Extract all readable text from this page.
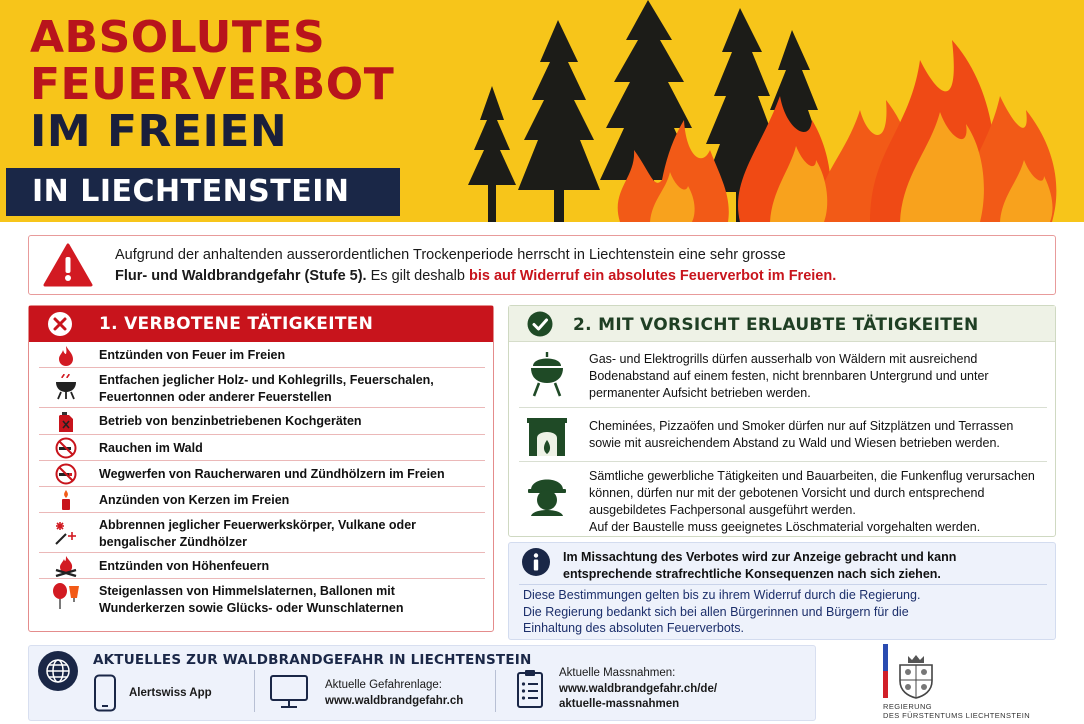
ABSOLUTES
FEUERVERBOT
IM FREIEN
IN LIECHTENSTEIN
Aufgrund der anhaltenden ausserordentlichen Trockenperiode herrscht in Liechtenstein eine sehr grosse
Flur- und Waldbrandgefahr (Stufe 5). Es gilt deshalb bis auf Widerruf ein absolutes Feuerverbot im Freien.
1. VERBOTENE TÄTIGKEITEN
Entzünden von Feuer im Freien
Entfachen jeglicher Holz- und Kohlegrills, Feuerschalen, Feuertonnen oder anderer Feuerstellen
Betrieb von benzinbetriebenen Kochgeräten
Rauchen im Wald
Wegwerfen von Raucherwaren und Zündhölzern im Freien
Anzünden von Kerzen im Freien
Abbrennen jeglicher Feuerwerkskörper, Vulkane oder bengalischer Zündhölzer
Entzünden von Höhenfeuern
Steigenlassen von Himmelslaternen, Ballonen mit Wunderkerzen sowie Glücks- oder Wunschlaternen
2. MIT VORSICHT ERLAUBTE TÄTIGKEITEN
Gas- und Elektrogrills dürfen ausserhalb von Wäldern mit ausreichend Bodenabstand auf einem festen, nicht brennbaren Untergrund und unter permanenter Aufsicht betrieben werden.
Cheminées, Pizzaöfen und Smoker dürfen nur auf Sitzplätzen und Terrassen sowie mit ausreichendem Abstand zu Wald und Wiesen betrieben werden.
Sämtliche gewerbliche Tätigkeiten und Bauarbeiten, die Funkenflug verursachen können, dürfen nur mit der gebotenen Vorsicht und durch entsprechend ausgebildetes Fachpersonal ausgeführt werden.
Auf der Baustelle muss geeignetes Löschmaterial vorgehalten werden.
Im Missachtung des Verbotes wird zur Anzeige gebracht und kann entsprechende strafrechtliche Konsequenzen nach sich ziehen.
Diese Bestimmungen gelten bis zu ihrem Widerruf durch die Regierung.
Die Regierung bedankt sich bei allen Bürgerinnen und Bürgern für die
Einhaltung des absoluten Feuerverbots.
AKTUELLES ZUR WALDBRANDGEFAHR IN LIECHTENSTEIN
Alertswiss App
Aktuelle Gefahrenlage:
www.waldbrandgefahr.ch
Aktuelle Massnahmen:
www.waldbrandgefahr.ch/de/
aktuelle-massnahmen	REGIERUNG
DES FÜRSTENTUMS LIECHTENSTEIN
